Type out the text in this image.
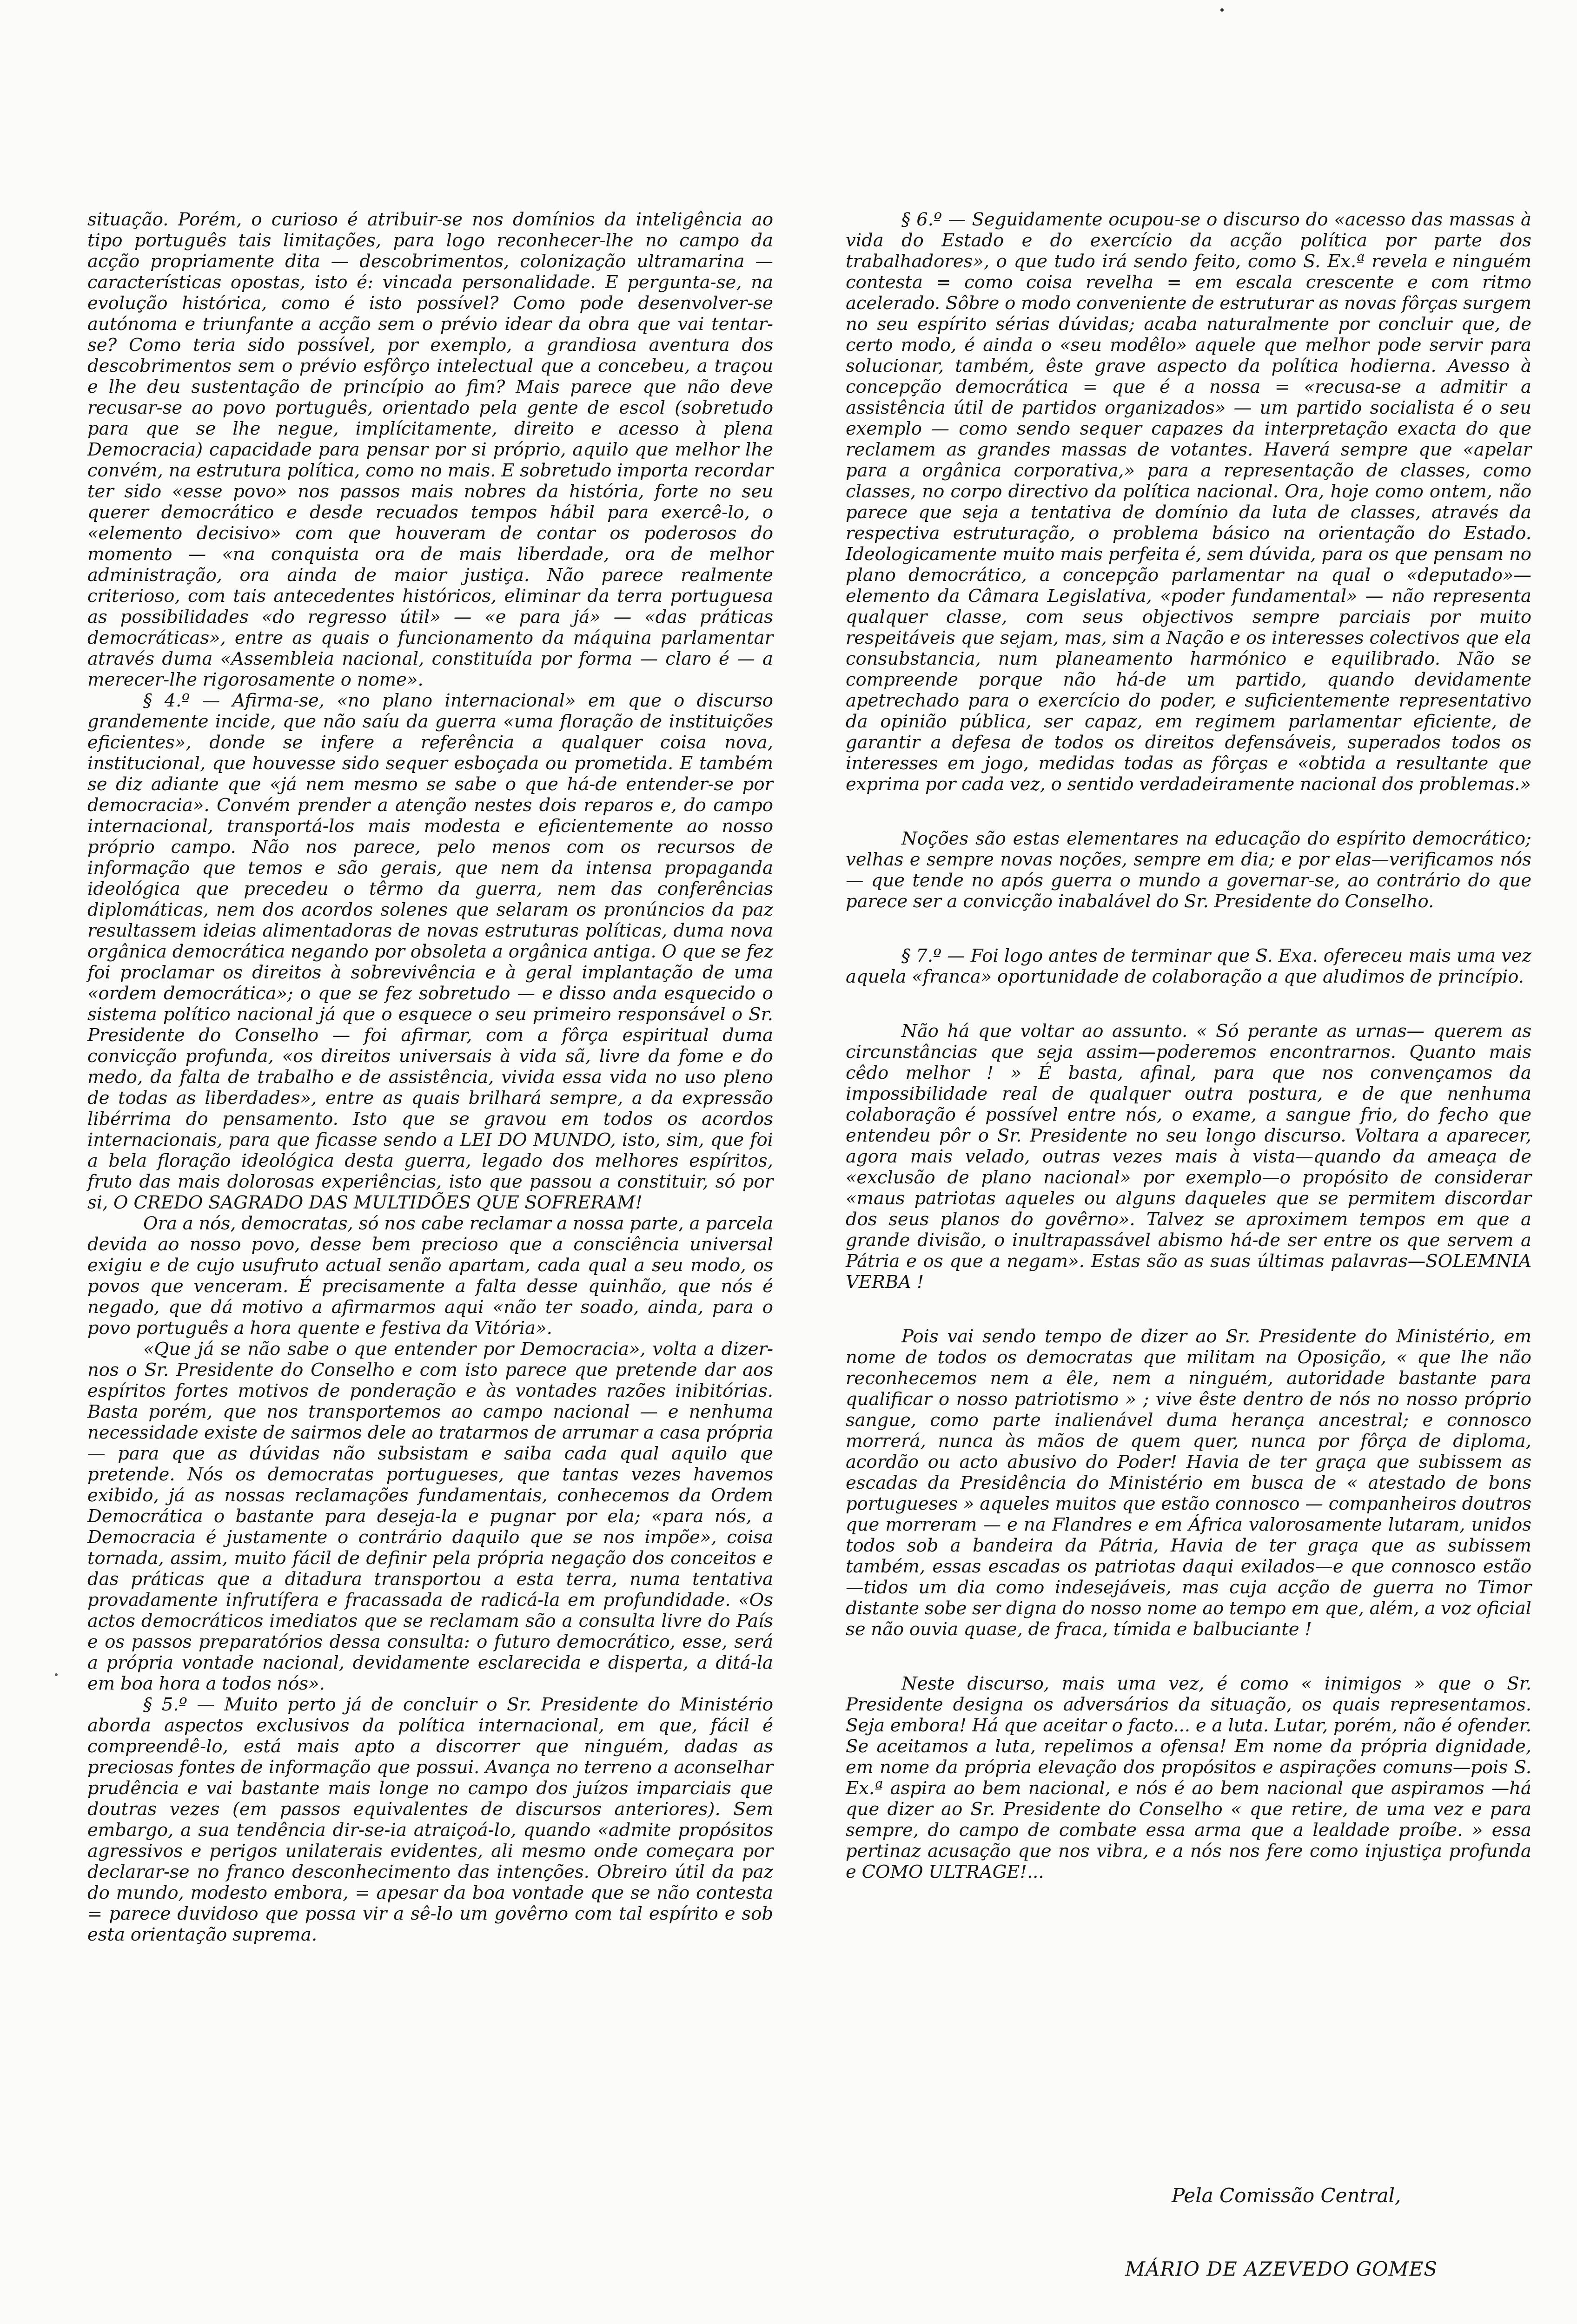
situação. Porém, o curioso é atribuir-se nos domínios da inteligência ao tipo português tais limitações, para logo reconhecer-lhe no campo da acção propriamente dita — descobrimentos, colonização ultramarina — características opostas, isto é: vincada personalidade. E pergunta-se, na evolução histórica, como é isto possível? Como pode desenvolver-se autónoma e triunfante a acção sem o prévio idear da obra que vai tentar-se? Como teria sido possível, por exemplo, a grandiosa aventura dos descobrimentos sem o prévio esfôrço intelectual que a concebeu, a traçou e lhe deu sustentação de princípio ao fim? Mais parece que não deve recusar-se ao povo português, orientado pela gente de escol (sobretudo para que se lhe negue, implícitamente, direito e acesso à plena Democracia) capacidade para pensar por si próprio, aquilo que melhor lhe convém, na estrutura política, como no mais. E sobretudo importa recordar ter sido «esse povo» nos passos mais nobres da história, forte no seu querer democrático e desde recuados tempos hábil para exercê-lo, o «elemento decisivo» com que houveram de contar os poderosos do momento — «na conquista ora de mais liberdade, ora de melhor administração, ora ainda de maior justiça. Não parece realmente criterioso, com tais antecedentes históricos, eliminar da terra portuguesa as possibilidades «do regresso útil» — «e para já» — «das práticas democráticas», entre as quais o funcionamento da máquina parlamentar através duma «Assembleia nacional, constituída por forma — claro é — a merecer-lhe rigorosamente o nome».

§ 4.º — Afirma-se, «no plano internacional» em que o discurso grandemente incide, que não saíu da guerra «uma floração de instituições eficientes», donde se infere a referência a qualquer coisa nova, institucional, que houvesse sido sequer esboçada ou prometida. E também se diz adiante que «já nem mesmo se sabe o que há-de entender-se por democracia». Convém prender a atenção nestes dois reparos e, do campo internacional, transportá-los mais modesta e eficientemente ao nosso próprio campo. Não nos parece, pelo menos com os recursos de informação que temos e são gerais, que nem da intensa propaganda ideológica que precedeu o têrmo da guerra, nem das conferências diplomáticas, nem dos acordos solenes que selaram os pronúncios da paz resultassem ideias alimentadoras de novas estruturas políticas, duma nova orgânica democrática negando por obsoleta a orgânica antiga. O que se fez foi proclamar os direitos à sobrevivência e à geral implantação de uma «ordem democrática»; o que se fez sobretudo — e disso anda esquecido o sistema político nacional já que o esquece o seu primeiro responsável o Sr. Presidente do Conselho — foi afirmar, com a fôrça espiritual duma convicção profunda, «os direitos universais à vida sã, livre da fome e do medo, da falta de trabalho e de assistência, vivida essa vida no uso pleno de todas as liberdades», entre as quais brilhará sempre, a da expressão libérrima do pensamento. Isto que se gravou em todos os acordos internacionais, para que ficasse sendo a LEI DO MUNDO, isto, sim, que foi a bela floração ideológica desta guerra, legado dos melhores espíritos, fruto das mais dolorosas experiências, isto que passou a constituir, só por si, O CREDO SAGRADO DAS MULTIDÕES QUE SOFRERAM!

Ora a nós, democratas, só nos cabe reclamar a nossa parte, a parcela devida ao nosso povo, desse bem precioso que a consciência universal exigiu e de cujo usufruto actual senão apartam, cada qual a seu modo, os povos que venceram. É precisamente a falta desse quinhão, que nós é negado, que dá motivo a afirmarmos aqui «não ter soado, ainda, para o povo português a hora quente e festiva da Vitória».

«Que já se não sabe o que entender por Democracia», volta a dizer-nos o Sr. Presidente do Conselho e com isto parece que pretende dar aos espíritos fortes motivos de ponderação e às vontades razões inibitórias. Basta porém, que nos transportemos ao campo nacional — e nenhuma necessidade existe de sairmos dele ao tratarmos de arrumar a casa própria — para que as dúvidas não subsistam e saiba cada qual aquilo que pretende. Nós os democratas portugueses, que tantas vezes havemos exibido, já as nossas reclamações fundamentais, conhecemos da Ordem Democrática o bastante para deseja-la e pugnar por ela; «para nós, a Democracia é justamente o contrário daquilo que se nos impõe», coisa tornada, assim, muito fácil de definir pela própria negação dos conceitos e das práticas que a ditadura transportou a esta terra, numa tentativa provadamente infrutífera e fracassada de radicá-la em profundidade. «Os actos democráticos imediatos que se reclamam são a consulta livre do País e os passos preparatórios dessa consulta: o futuro democrático, esse, será a própria vontade nacional, devidamente esclarecida e disperta, a ditá-la em boa hora a todos nós».

§ 5.º — Muito perto já de concluir o Sr. Presidente do Ministério aborda aspectos exclusivos da política internacional, em que, fácil é compreendê-lo, está mais apto a discorrer que ninguém, dadas as preciosas fontes de informação que possui. Avança no terreno a aconselhar prudência e vai bastante mais longe no campo dos juízos imparciais que doutras vezes (em passos equivalentes de discursos anteriores). Sem embargo, a sua tendência dir-se-ia atraiçoá-lo, quando «admite propósitos agressivos e perigos unilaterais evidentes, ali mesmo onde começara por declarar-se no franco desconhecimento das intenções. Obreiro útil da paz do mundo, modesto embora, = apesar da boa vontade que se não contesta = parece duvidoso que possa vir a sê-lo um govêrno com tal espírito e sob esta orientação suprema.

§ 6.º — Seguidamente ocupou-se o discurso do «acesso das massas à vida do Estado e do exercício da acção política por parte dos trabalhadores», o que tudo irá sendo feito, como S. Ex.ª revela e ninguém contesta = como coisa revelha = em escala crescente e com ritmo acelerado. Sôbre o modo conveniente de estruturar as novas fôrças surgem no seu espírito sérias dúvidas; acaba naturalmente por concluir que, de certo modo, é ainda o «seu modêlo» aquele que melhor pode servir para solucionar, também, êste grave aspecto da política hodierna. Avesso à concepção democrática = que é a nossa = «recusa-se a admitir a assistência útil de partidos organizados» — um partido socialista é o seu exemplo — como sendo sequer capazes da interpretação exacta do que reclamem as grandes massas de votantes. Haverá sempre que «apelar para a orgânica corporativa,» para a representação de classes, como classes, no corpo directivo da política nacional. Ora, hoje como ontem, não parece que seja a tentativa de domínio da luta de classes, através da respectiva estruturação, o problema básico na orientação do Estado. Ideologicamente muito mais perfeita é, sem dúvida, para os que pensam no plano democrático, a concepção parlamentar na qual o «deputado»—elemento da Câmara Legislativa, «poder fundamental» — não representa qualquer classe, com seus objectivos sempre parciais por muito respeitáveis que sejam, mas, sim a Nação e os interesses colectivos que ela consubstancia, num planeamento harmónico e equilibrado. Não se compreende porque não há-de um partido, quando devidamente apetrechado para o exercício do poder, e suficientemente representativo da opinião pública, ser capaz, em regimem parlamentar eficiente, de garantir a defesa de todos os direitos defensáveis, superados todos os interesses em jogo, medidas todas as fôrças e «obtida a resultante que exprima por cada vez, o sentido verdadeiramente nacional dos problemas.»

Noções são estas elementares na educação do espírito democrático; velhas e sempre novas noções, sempre em dia; e por elas—verificamos nós— que tende no após guerra o mundo a governar-se, ao contrário do que parece ser a convicção inabalável do Sr. Presidente do Conselho.

§ 7.º — Foi logo antes de terminar que S. Exa. ofereceu mais uma vez aquela «franca» oportunidade de colaboração a que aludimos de princípio.

Não há que voltar ao assunto. « Só perante as urnas— querem as circunstâncias que seja assim—poderemos encontrarnos. Quanto mais cêdo melhor ! » É basta, afinal, para que nos convençamos da impossibilidade real de qualquer outra postura, e de que nenhuma colaboração é possível entre nós, o exame, a sangue frio, do fecho que entendeu pôr o Sr. Presidente no seu longo discurso. Voltara a aparecer, agora mais velado, outras vezes mais à vista—quando da ameaça de «exclusão de plano nacional» por exemplo—o propósito de considerar «maus patriotas aqueles ou alguns daqueles que se permitem discordar dos seus planos do govêrno». Talvez se aproximem tempos em que a grande divisão, o inultrapassável abismo há-de ser entre os que servem a Pátria e os que a negam». Estas são as suas últimas palavras—SOLEMNIA VERBA !

Pois vai sendo tempo de dizer ao Sr. Presidente do Ministério, em nome de todos os democratas que militam na Oposição, « que lhe não reconhecemos nem a êle, nem a ninguém, autoridade bastante para qualificar o nosso patriotismo » ; vive êste dentro de nós no nosso próprio sangue, como parte inalienável duma herança ancestral; e connosco morrerá, nunca às mãos de quem quer, nunca por fôrça de diploma, acordão ou acto abusivo do Poder! Havia de ter graça que subissem as escadas da Presidência do Ministério em busca de « atestado de bons portugueses » aqueles muitos que estão connosco — companheiros doutros que morreram — e na Flandres e em África valorosamente lutaram, unidos todos sob a bandeira da Pátria, Havia de ter graça que as subissem também, essas escadas os patriotas daqui exilados—e que connosco estão—tidos um dia como indesejáveis, mas cuja acção de guerra no Timor distante sobe ser digna do nosso nome ao tempo em que, além, a voz oficial se não ouvia quase, de fraca, tímida e balbuciante !

Neste discurso, mais uma vez, é como « inimigos » que o Sr. Presidente designa os adversários da situação, os quais representamos. Seja embora! Há que aceitar o facto... e a luta. Lutar, porém, não é ofender. Se aceitamos a luta, repelimos a ofensa! Em nome da própria dignidade, em nome da própria elevação dos propósitos e aspirações comuns—pois S. Ex.ª aspira ao bem nacional, e nós é ao bem nacional que aspiramos —há que dizer ao Sr. Presidente do Conselho « que retire, de uma vez e para sempre, do campo de combate essa arma que a lealdade proíbe. » essa pertinaz acusação que nos vibra, e a nós nos fere como injustiça profunda e COMO ULTRAGE!...

Pela Comissão Central,
MÁRIO DE AZEVEDO GOMES
